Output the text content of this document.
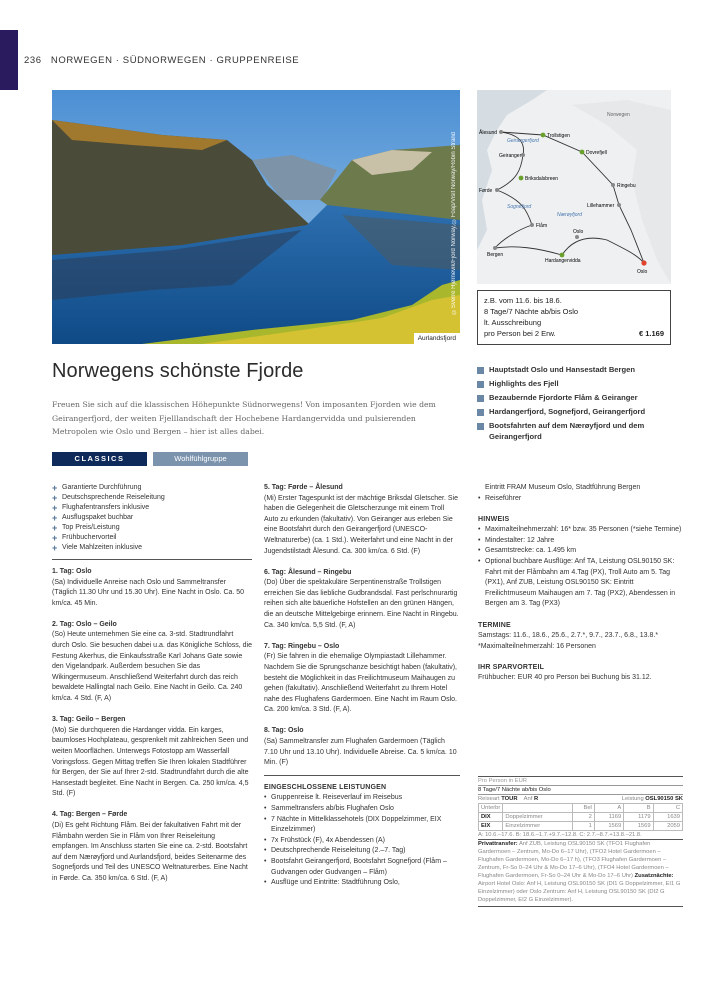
236 NORWEGEN · SÜDNORWEGEN · GRUPPENREISE
©Sverre Hjørnevik/Fjord Norway, ©Foap/Visit Norway/Robin Strand
Aurlandsfjord
Norwegen
Geirangerfjord
Sognefjord
Nærøyfjord
Ålesund	Trollstigen
Geiranger	Dovrefjell
Briksdalsbreen
Førde
Ringebu
Lillehammer
Flåm
Oslo
Bergen
Hardangervidda
Oslo
z.B. vom 11.6. bis 18.6.
8 Tage/7 Nächte ab/bis Oslo
lt. Ausschreibung
pro Person bei 2 Erw.	€ 1.169
Norwegens schönste Fjorde

Freuen Sie sich auf die klassischen Höhepunkte Südnorwegens! Von imposanten Fjorden wie dem Geirangerfjord, der weiten Fjelllandschaft der Hochebene Hardangervidda und pulsierenden Metropolen wie Oslo und Bergen – hier ist alles dabei.

CLASSICS	Wohlfühlgruppe
Hauptstadt Oslo und Hansestadt Bergen
Highlights des Fjell
Bezaubernde Fjordorte Flåm & Geiranger
Hardangerfjord, Sognefjord, Geirangerfjord
Bootsfahrten auf dem Nærøyfjord und dem Geirangerfjord
+ Garantierte Durchführung
+ Deutschsprechende Reiseleitung
+ Flughafentransfers inklusive
+ Ausflugspaket buchbar
+ Top Preis/Leistung
+ Frühbuchervorteil
+ Viele Mahlzeiten inklusive
1. Tag: Oslo
(Sa) Individuelle Anreise nach Oslo und Sammeltransfer (Täglich 11.30 Uhr und 15.30 Uhr). Eine Nacht in Oslo. Ca. 50 km/ca. 45 Min.
2. Tag: Oslo – Geilo
(So) Heute unternehmen Sie eine ca. 3-std. Stadtrundfahrt durch Oslo. Sie besuchen dabei u.a. das Königliche Schloss, die Festung Akerhus, die Einkaufsstraße Karl Johans Gate sowie den Vigelandpark. Außerdem besuchen Sie das Wikingermuseum. Anschließend Weiterfahrt durch das reich bewaldete Hallingtal nach Geilo. Eine Nacht in Geilo. Ca. 240 km/ca. 4 Std. (F, A)
3. Tag: Geilo – Bergen
(Mo) Sie durchqueren die Hardanger vidda. Ein karges, baumloses Hochplateau, gesprenkelt mit zahlreichen Seen und weiten Moorflächen. Unterwegs Fotostopp am Wasserfall Voringsfoss. Gegen Mittag treffen Sie Ihren lokalen Stadtführer für Bergen, der Sie auf Ihrer 2-std. Stadtrundfahrt durch die alte Hansestadt begleitet. Eine Nacht in Bergen. Ca. 250 km/ca. 4,5 Std. (F)
4. Tag: Bergen – Førde
(Di) Es geht Richtung Flåm. Bei der fakultativen Fahrt mit der Flåmbahn werden Sie in Flåm von Ihrer Reiseleitung empfangen. Im Anschluss starten Sie eine ca. 2-std. Bootsfahrt auf dem Nærøyfjord und Aurlandsfjord, beides Seitenarme des Sognefjords und Teil des UNESCO Weltnaturerbes. Eine Nacht in Førde. Ca. 350 km/ca. 6 Std. (F, A)
5. Tag: Førde – Ålesund
(Mi) Erster Tagespunkt ist der mächtige Briksdal Gletscher. Sie haben die Gelegenheit die Gletscherzunge mit einem Troll Auto zu erkunden (fakultativ). Von Geiranger aus erleben Sie eine Bootsfahrt durch den Geirangerfjord (UNESCO-Weltnaturerbe) (ca. 1 Std.). Weiterfahrt und eine Nacht in der Jugendstilstadt Ålesund. Ca. 300 km/ca. 6 Std. (F)
6. Tag: Ålesund – Ringebu
(Do) Über die spektakuläre Serpentinenstraße Trollstigen erreichen Sie das liebliche Gudbrandsdal. Fast perlschnurartig reihen sich alte bäuerliche Hofstellen an den grünen Hängen, die an deutsche Mittelgebirge erinnern. Eine Nacht in Ringebu. Ca. 340 km/ca. 5,5 Std. (F, A)
7. Tag: Ringebu – Oslo
(Fr) Sie fahren in die ehemalige Olympiastadt Lillehammer. Nachdem Sie die Sprungschanze besichtigt haben (fakultativ), besteht die Möglichkeit in das Freilichtmuseum Maihaugen zu gehen (fakultativ). Anschließend Weiterfahrt zu Ihrem Hotel nahe des Flughafens Gardermoen. Eine Nacht im Raum Oslo. Ca. 200 km/ca. 3 Std. (F, A).
8. Tag: Oslo
(Sa) Sammeltransfer zum Flughafen Gardermoen (Täglich 7.10 Uhr und 13.10 Uhr). Individuelle Abreise. Ca. 5 km/ca. 10 Min. (F)
EINGESCHLOSSENE LEISTUNGEN
• Gruppenreise lt. Reiseverlauf im Reisebus
• Sammeltransfers ab/bis Flughafen Oslo
• 7 Nächte in Mittelklassehotels (DIX Doppelzimmer, EIX Einzelzimmer)
• 7x Frühstück (F), 4x Abendessen (A)
• Deutschprechende Reiseleitung (2.–7. Tag)
• Bootsfahrt Geirangerfjord, Bootsfahrt Sognefjord (Flåm – Gudvangen oder Gudvangen – Flåm)
• Ausflüge und Eintritte: Stadtführung Oslo,
Eintritt FRAM Museum Oslo, Stadtführung Bergen
• Reiseführer
HINWEIS
• Maximalteilnehmerzahl: 16* bzw. 35 Personen (*siehe Termine)
• Mindestalter: 12 Jahre
• Gesamtstrecke: ca. 1.495 km
• Optional buchbare Ausflüge: Anf TA, Leistung OSL90150 SK: Fahrt mit der Flåmbahn am 4.Tag (PX), Troll Auto am 5. Tag (PX1), Anf ZUB, Leistung OSL90150 SK: Eintritt Freilichtmuseum Maihaugen am 7. Tag (PX2), Abendessen in Bergen am 3. Tag (PX3)
TERMINE
Samstags: 11.6., 18.6., 25.6., 2.7.*, 9.7., 23.7., 6.8., 13.8.*
*Maximalteilnehmerzahl: 16 Personen
IHR SPARVORTEIL
Frühbucher: EUR 40 pro Person bei Buchung bis 31.12.
Pro Person in EUR
8 Tage/7 Nächte ab/bis Oslo
Reiseart TOUR Anf R	Leistung OSL90150 SK
Unterbr		Bel	A	B	C
DIX	Doppelzimmer	2	1169	1179	1639
EIX	Einzelzimmer	1	1569	1569	2059
A: 10.6.–17.6. B: 18.6.–1.7.+9.7.–12.8. C: 2.7.–8.7.+13.8.–21.8.
Privattransfer: Anf ZUB, Leistung OSL90150 SK (TFO1 Flughafen Gardermoen – Zentrum, Mo-Do 6–17 Uhr), (TFO2 Hotel Gardermoen – Flughafen Gardermoen, Mo-Do 6–17 h), (TFO3 Flughafen Gardermoen – Zentrum, Fr-So 0–24 Uhr & Mo-Do 17–6 Uhr), (TFO4 Hotel Gardermoen – Flughafen Gardermoen, Fr-So 0–24 Uhr & Mo-Do 17–6 Uhr) Zusatznächte: Airport Hotel Oslo: Anf H, Leistung OSL90150 SK (DI1 G Doppelzimmer, EI1 G Einzelzimmer) oder Oslo Zentrum: Anf H, Leistung OSL90150 SK (DI2 G Doppelzimmer, EI2 G Einzelzimmer).
